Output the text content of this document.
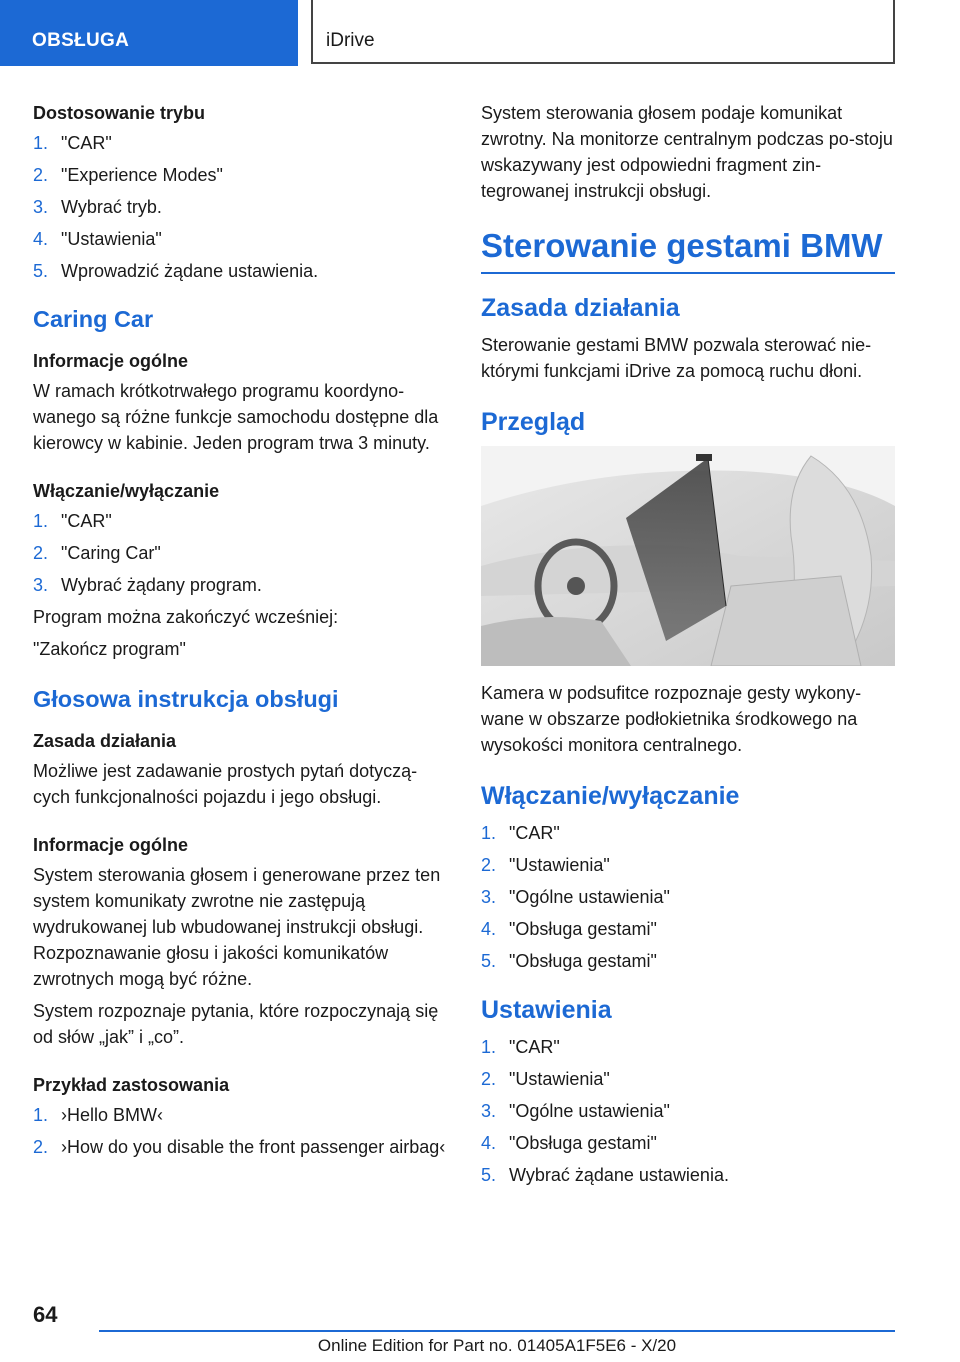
OBSŁUGA	iDrive
Dostosowanie trybu
1. "CAR"
2. "Experience Modes"
3. Wybrać tryb.
4. "Ustawienia"
5. Wprowadzić żądane ustawienia.
Caring Car
Informacje ogólne

W ramach krótkotrwałego programu koordyno‐wanego są różne funkcje samochodu dostępne dla kierowcy w kabinie. Jeden program trwa 3 minuty.

Włączanie/wyłączanie
1. "CAR"
2. "Caring Car"
3. Wybrać żądany program.

Program można zakończyć wcześniej:

"Zakończ program"

Głosowa instrukcja obsługi
Zasada działania

Możliwe jest zadawanie prostych pytań dotyczą‐cych funkcjonalności pojazdu i jego obsługi.

Informacje ogólne

System sterowania głosem i generowane przez ten system komunikaty zwrotne nie zastępują wydrukowanej lub wbudowanej instrukcji obsługi. Rozpoznawanie głosu i jakości komunikatów zwrotnych mogą być różne.

System rozpoznaje pytania, które rozpoczynają się od słów „jak” i „co”.

Przykład zastosowania
1. ›Hello BMW‹
2. ›How do you disable the front passenger airbag‹

System sterowania głosem podaje komunikat zwrotny. Na monitorze centralnym podczas po‐stoju wskazywany jest odpowiedni fragment zin‐tegrowanej instrukcji obsługi.

Sterowanie gestami BMW
Zasada działania

Sterowanie gestami BMW pozwala sterować nie‐którymi funkcjami iDrive za pomocą ruchu dłoni.

Przegląd

Kamera w podsufitce rozpoznaje gesty wykony‐wane w obszarze podłokietnika środkowego na wysokości monitora centralnego.

Włączanie/wyłączanie
1. "CAR"
2. "Ustawienia"
3. "Ogólne ustawienia"
4. "Obsługa gestami"
5. "Obsługa gestami"
Ustawienia
1. "CAR"
2. "Ustawienia"
3. "Ogólne ustawienia"
4. "Obsługa gestami"
5. Wybrać żądane ustawienia.
64
Online Edition for Part no. 01405A1F5E6 - X/20
